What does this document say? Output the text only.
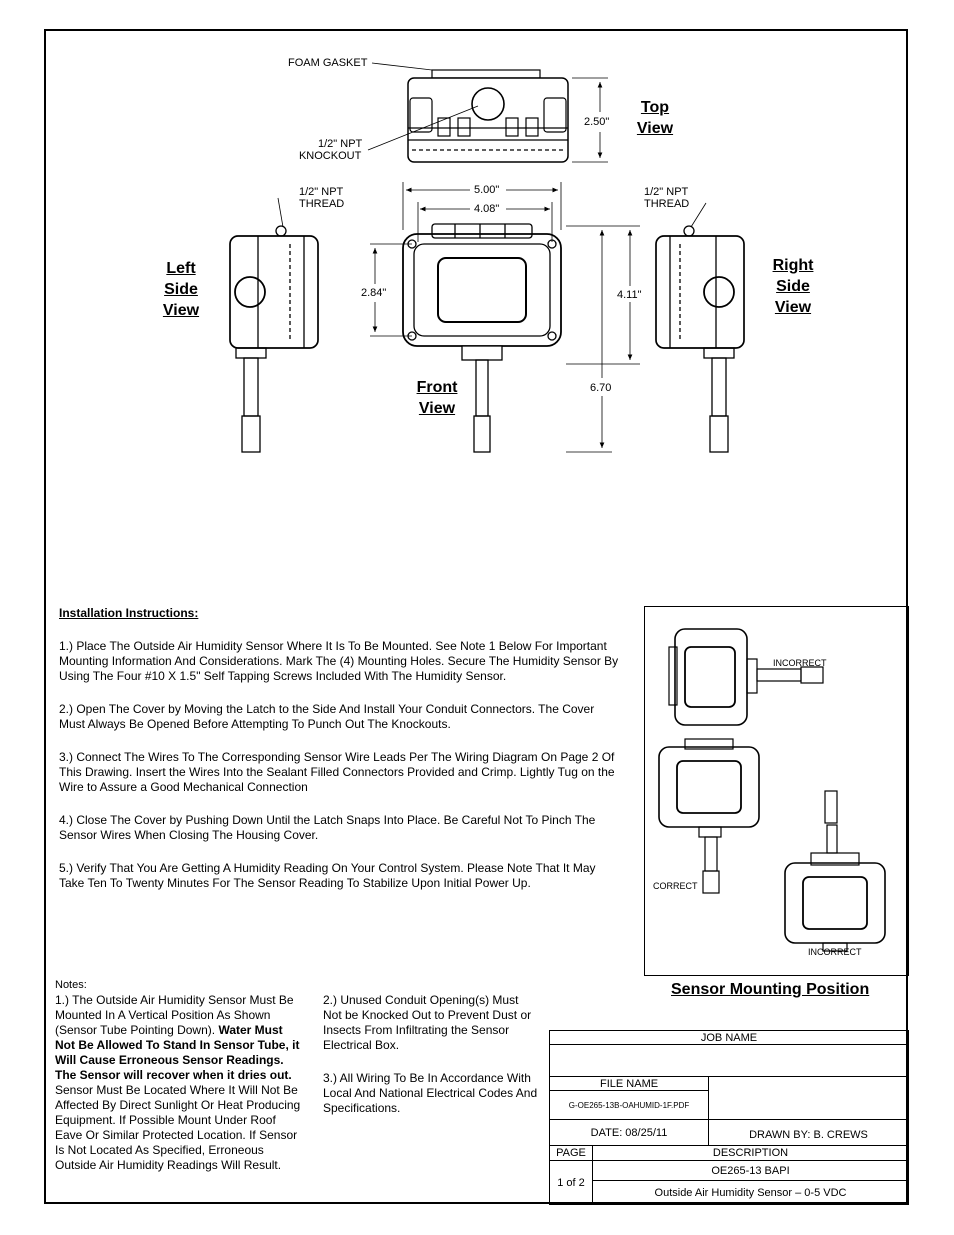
FOAM GASKET
1/2" NPT
KNOCKOUT
2.50"
Top
View
5.00"
4.08"
2.84"	4.11"
6.70
Front
View
1/2" NPT
THREAD
Left
Side
View
1/2" NPT
THREAD
Right
Side
View

Installation Instructions:

1.) Place The Outside Air Humidity Sensor Where It Is To Be Mounted. See Note 1 Below For Important Mounting Information And Considerations. Mark The (4) Mounting Holes. Secure The Humidity Sensor By Using The Four #10 X 1.5" Self Tapping Screws Included With The Humidity Sensor.

2.) Open The Cover by Moving the Latch to the Side And Install Your Conduit Connectors. The Cover Must Always Be Opened Before Attempting To Punch Out The Knockouts.

3.) Connect The Wires To The Corresponding Sensor Wire Leads Per The Wiring Diagram On Page 2 Of This Drawing. Insert the Wires Into the Sealant Filled Connectors Provided and Crimp. Lightly Tug on the Wire to Assure a Good Mechanical Connection

4.) Close The Cover by Pushing Down Until the Latch Snaps Into Place. Be Careful Not To Pinch The Sensor Wires When Closing The Housing Cover.

5.) Verify That You Are Getting A Humidity Reading On Your Control System. Please Note That It May Take Ten To Twenty Minutes For The Sensor Reading To Stabilize Upon Initial Power Up.

INCORRECT
CORRECT
INCORRECT
Sensor Mounting Position

Notes:

1.) The Outside Air Humidity Sensor Must Be Mounted In A Vertical Position As Shown (Sensor Tube Pointing Down). Water Must Not Be Allowed To Stand In Sensor Tube, it Will Cause Erroneous Sensor Readings. The Sensor will recover when it dries out. Sensor Must Be Located Where It Will Not Be Affected By Direct Sunlight Or Heat Producing Equipment. If Possible Mount Under Roof Eave Or Similar Protected Location. If Sensor Is Not Located As Specified, Erroneous Outside Air Humidity Readings Will Result.

2.) Unused Conduit Opening(s) Must Not be Knocked Out to Prevent Dust or Insects From Infiltrating the Sensor Electrical Box.

3.) All Wiring To Be In Accordance With Local And National Electrical Codes And Specifications.

JOB NAME
FILE NAME
G-OE265-13B-OAHUMID-1F.PDF
DATE: 08/25/11	DRAWN BY: B. CREWS
PAGE	DESCRIPTION
1 of 2
OE265-13 BAPI
Outside Air Humidity Sensor – 0-5 VDC
